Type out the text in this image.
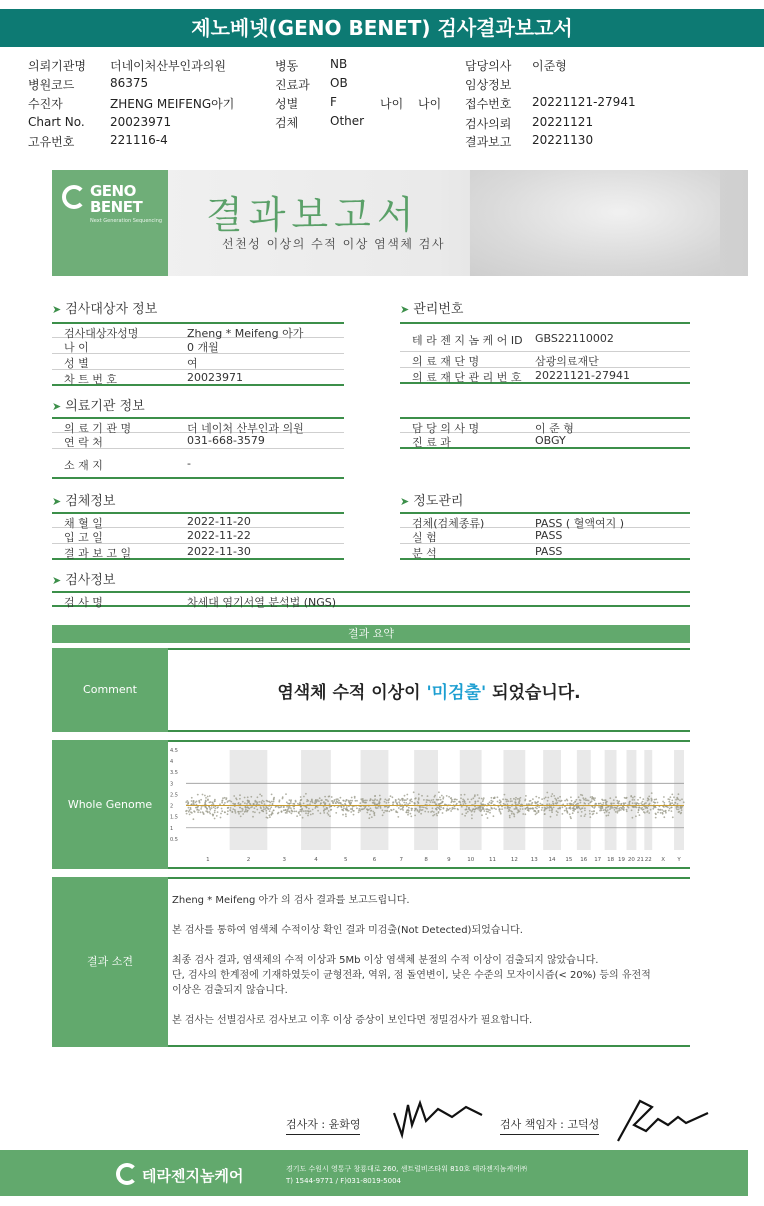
제노베넷(GENO BENET) 검사결과보고서
의뢰기관명 더네이처산부인과의원
병원코드	86375
수진자	ZHENG MEIFENG아기
Chart No. 20023971
고유번호	221116-4
병동	NB
진료과 OB
성별	F
검체	Other
담당의사 이준형
임상정보
접수번호 20221121-27941
검사의뢰 20221121
결과보고 20221130
나이 나이
GENO
BENET
Next Generation Sequencing 결과보고서
선천성 이상의 수적 이상 염색체 검사
➤ 검사대상자 정보
검사대상자성명	Zheng * Meifeng 아가
나 이	0 개월
성 별	여
차 트 번 호	20023971
➤ 관리번호
테 라 젠 지 놈 케 어 ID GBS22110002
의 료 재 단 명	삼광의료재단
의 료 재 단 관 리 번 호 20221121-27941
➤ 의료기관 정보
의 료 기 관 명	더 네이처 산부인과 의원
연 락 처	031-668-3579
소 재 지	-
담 당 의 사 명	이 준 형
진 료 과	OBGY
➤ 검체정보
채 혈 일	2022-11-20
입 고 일	2022-11-22
결 과 보 고 일	2022-11-30
➤ 정도관리
검체(검체종류)	PASS ( 혈액여지 )
실 험	PASS
분 석	PASS
➤ 검사정보
검 사 명	차세대 염기서열 분석법 (NGS)
결과 요약
Comment	염색체 수적 이상이 '미검출' 되었습니다.
Whole Genome
4.5
4
3.5
3
2.5
2
1.5
1
0.5
1	2	3	4	5	6	7	8	9	10	11	12 13 14 15 16 17 18 19 20 21 22 X Y
결과 소견
Zheng * Meifeng 아가 의 검사 결과를 보고드립니다.
본 검사를 통하여 염색체 수적이상 확인 결과 미검출(Not Detected)되었습니다.
최종 검사 결과, 염색체의 수적 이상과 5Mb 이상 염색체 분절의 수적 이상이 검출되지 않았습니다.
단, 검사의 한계점에 기재하였듯이 균형전좌, 역위, 점 돌연변이, 낮은 수준의 모자이시즘(< 20%) 등의 유전적
이상은 검출되지 않습니다.
본 검사는 선별검사로 검사보고 이후 이상 증상이 보인다면 정밀검사가 필요합니다.
검사자 : 윤화영	검사 책임자 : 고덕성
테라젠지놈케어	경기도 수원시 영통구 창룡대로 260, 센트럴비즈타워 810호 테라젠지놈케어㈜
T) 1544-9771 / F)031-8019-5004
